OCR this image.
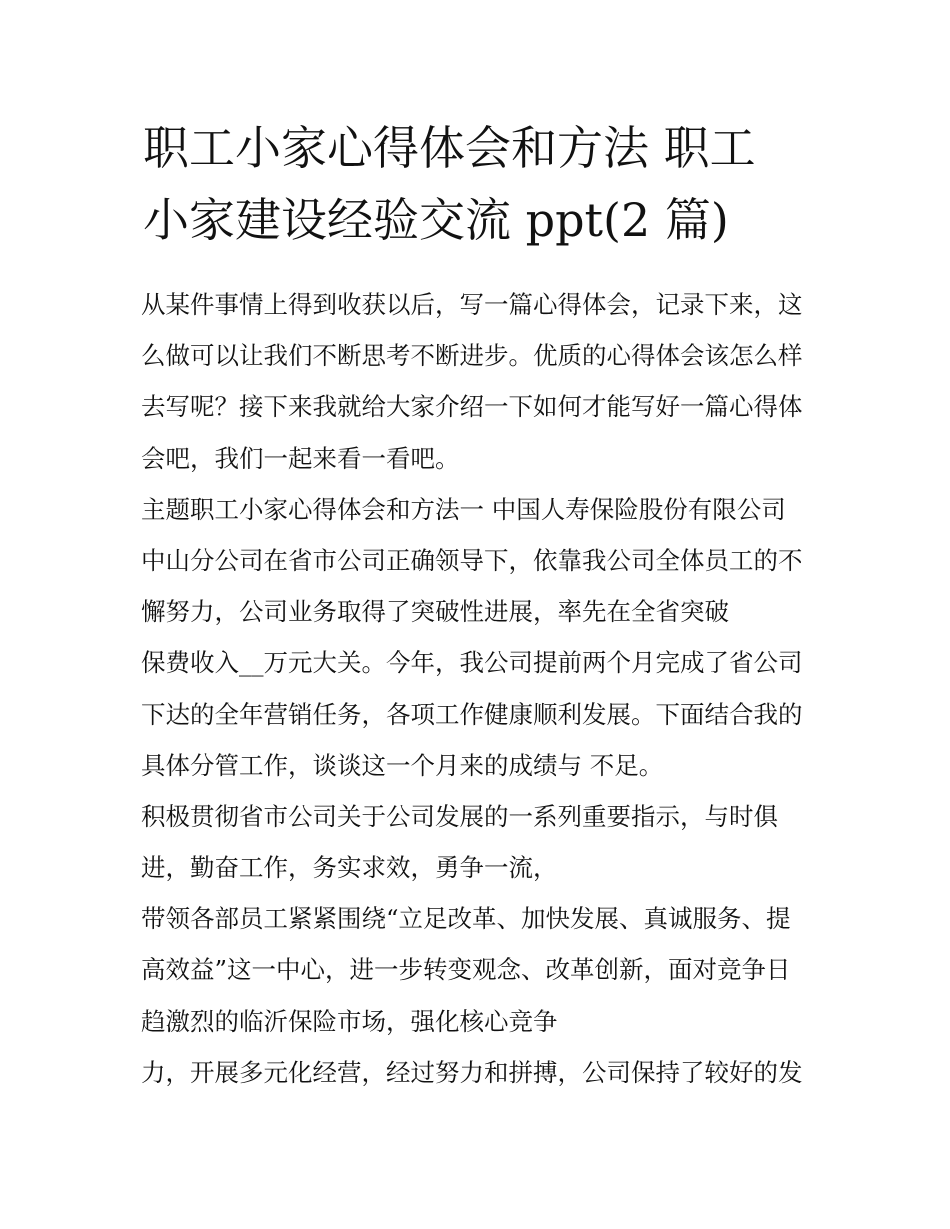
职工小家心得体会和方法 职工
小家建设经验交流 ppt(2 篇)
从某件事情上得到收获以后，写一篇心得体会，记录下来，这
么做可以让我们不断思考不断进步。优质的心得体会该怎么样
去写呢？接下来我就给大家介绍一下如何才能写好一篇心得体
会吧，我们一起来看一看吧。
主题职工小家心得体会和方法一 中国人寿保险股份有限公司
中山分公司在省市公司正确领导下，依靠我公司全体员工的不
懈努力，公司业务取得了突破性进展，率先在全省突破
保费收入__万元大关。今年，我公司提前两个月完成了省公司
下达的全年营销任务，各项工作健康顺利发展。下面结合我的
具体分管工作，谈谈这一个月来的成绩与 不足。
积极贯彻省市公司关于公司发展的一系列重要指示，与时俱
进，勤奋工作，务实求效，勇争一流，
带领各部员工紧紧围绕“立足改革、加快发展、真诚服务、提
高效益”这一中心，进一步转变观念、改革创新，面对竞争日
趋激烈的临沂保险市场，强化核心竞争
力，开展多元化经营，经过努力和拼搏，公司保持了较好的发
